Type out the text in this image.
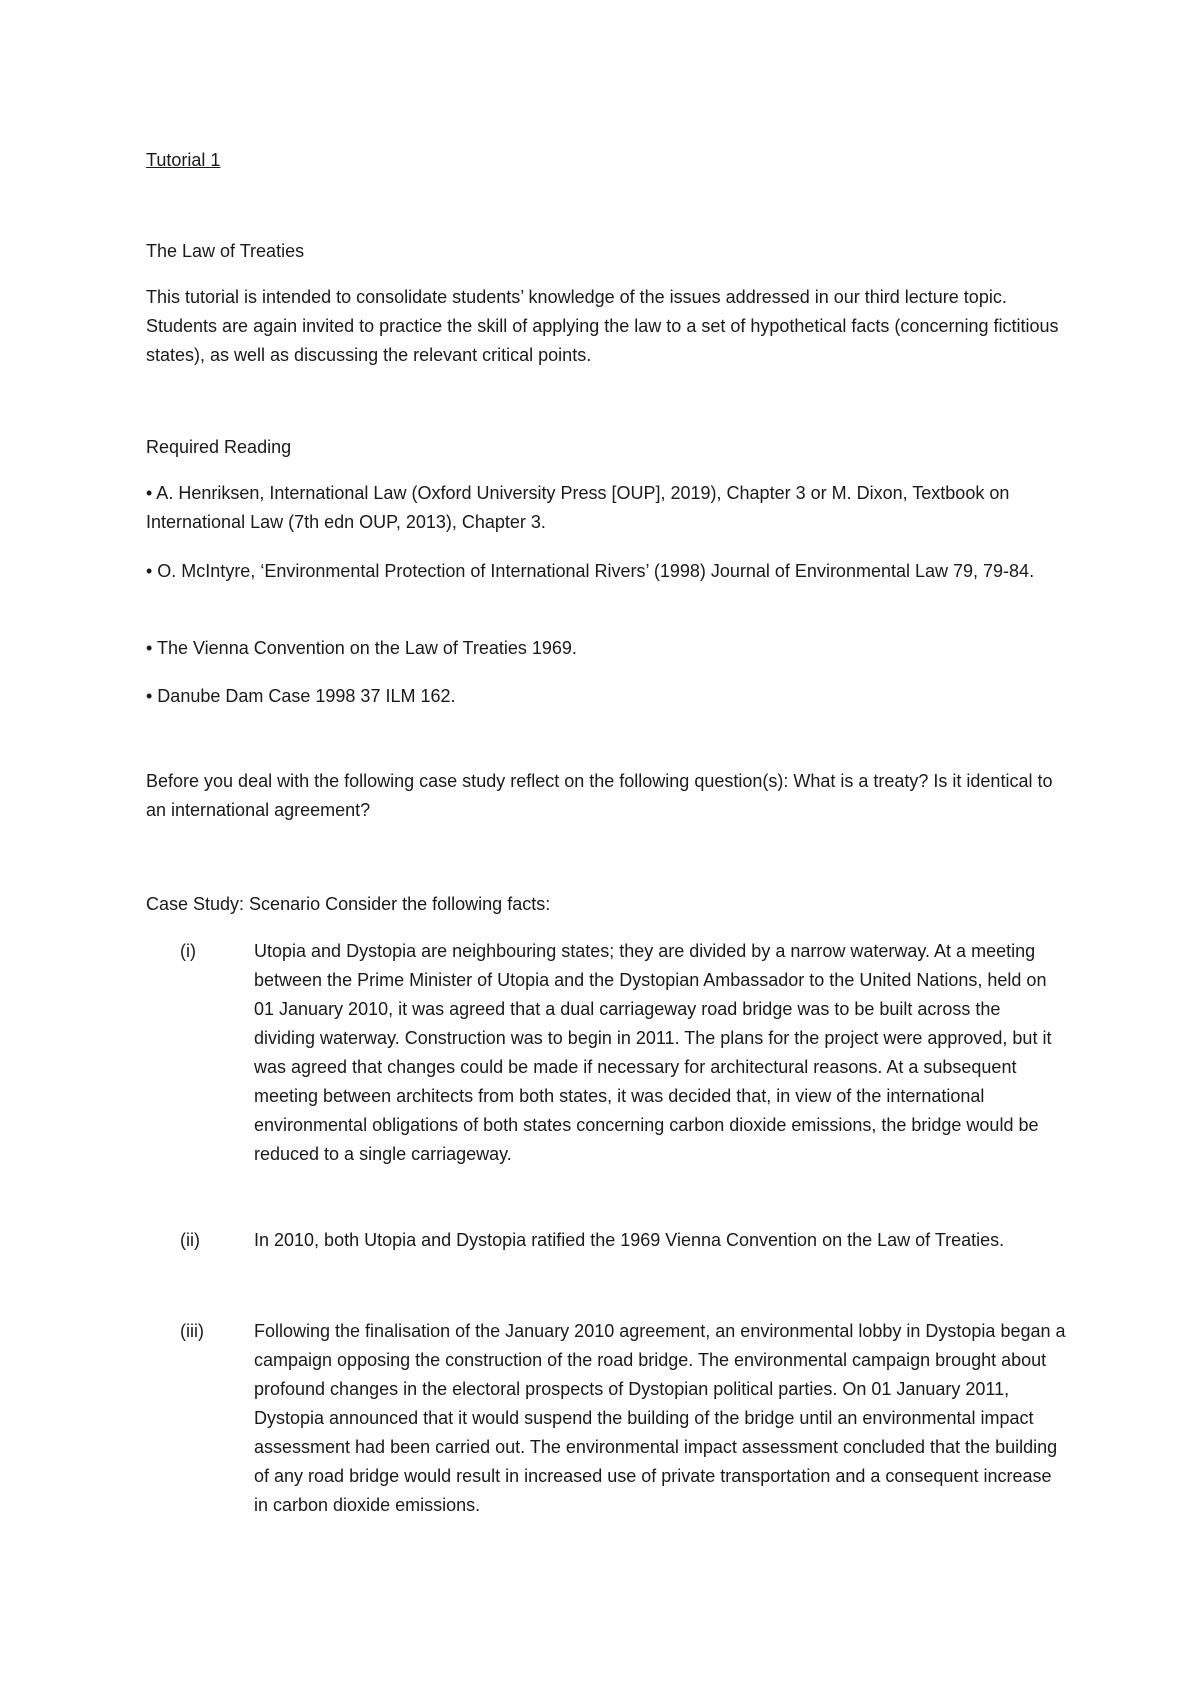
Tutorial 1

The Law of Treaties

This tutorial is intended to consolidate students’ knowledge of the issues addressed in our third lecture topic. Students are again invited to practice the skill of applying the law to a set of hypothetical facts (concerning fictitious states), as well as discussing the relevant critical points.

Required Reading

• A. Henriksen, International Law (Oxford University Press [OUP], 2019), Chapter 3 or M. Dixon, Textbook on International Law (7th edn OUP, 2013), Chapter 3.

• O. McIntyre, ‘Environmental Protection of International Rivers’ (1998) Journal of Environmental Law 79, 79-84.

• The Vienna Convention on the Law of Treaties 1969.

• Danube Dam Case 1998 37 ILM 162.

Before you deal with the following case study reflect on the following question(s): What is a treaty? Is it identical to an international agreement?

Case Study: Scenario Consider the following facts:

(i)	Utopia and Dystopia are neighbouring states; they are divided by a narrow waterway. At a meeting between the Prime Minister of Utopia and the Dystopian Ambassador to the United Nations, held on 01 January 2010, it was agreed that a dual carriageway road bridge was to be built across the dividing waterway. Construction was to begin in 2011. The plans for the project were approved, but it was agreed that changes could be made if necessary for architectural reasons. At a subsequent meeting between architects from both states, it was decided that, in view of the international environmental obligations of both states concerning carbon dioxide emissions, the bridge would be reduced to a single carriageway.
(ii)	In 2010, both Utopia and Dystopia ratified the 1969 Vienna Convention on the Law of Treaties.
(iii)	Following the finalisation of the January 2010 agreement, an environmental lobby in Dystopia began a campaign opposing the construction of the road bridge. The environmental campaign brought about profound changes in the electoral prospects of Dystopian political parties. On 01 January 2011, Dystopia announced that it would suspend the building of the bridge until an environmental impact assessment had been carried out. The environmental impact assessment concluded that the building of any road bridge would result in increased use of private transportation and a consequent increase in carbon dioxide emissions.
